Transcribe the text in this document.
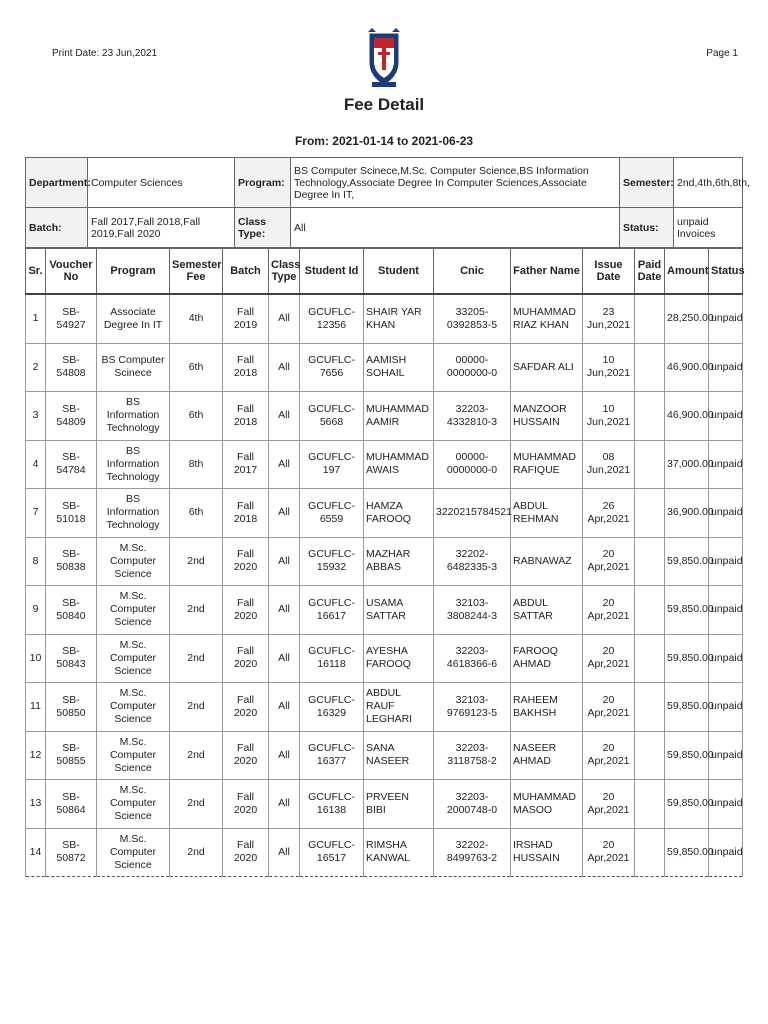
Print Date: 23 Jun,2021	Page 1
Fee Detail
From: 2021-01-14 to 2021-06-23
Department:	Computer Sciences	Program:	BS Computer Scinece,M.Sc. Computer Science,BS Information Technology,Associate Degree In Computer Sciences,Associate Degree In IT,	Semester:	2nd,4th,6th,8th,
Batch:	Fall 2017,Fall 2018,Fall 2019,Fall 2020	Class Type:	All	Status:	unpaid Invoices
Sr.	Voucher No	Program	Semester Fee	Batch	Class Type	Student Id	Student	Cnic	Father Name	Issue Date	Paid Date	Amount	Status
1	SB-54927	Associate Degree In IT	4th	Fall 2019	All	GCUFLC-12356	SHAIR YAR KHAN	33205-0392853-5	MUHAMMAD RIAZ KHAN	23 Jun,2021		28,250.00	unpaid
2	SB-54808	BS Computer Scinece	6th	Fall 2018	All	GCUFLC-7656	AAMISH SOHAIL	00000-0000000-0	SAFDAR ALI	10 Jun,2021		46,900.00	unpaid
3	SB-54809	BS Information Technology	6th	Fall 2018	All	GCUFLC-5668	MUHAMMAD AAMIR	32203-4332810-3	MANZOOR HUSSAIN	10 Jun,2021		46,900.00	unpaid
4	SB-54784	BS Information Technology	8th	Fall 2017	All	GCUFLC-197	MUHAMMAD AWAIS	00000-0000000-0	MUHAMMAD RAFIQUE	08 Jun,2021		37,000.00	unpaid
7	SB-51018	BS Information Technology	6th	Fall 2018	All	GCUFLC-6559	HAMZA FAROOQ	3220215784521	ABDUL REHMAN	26 Apr,2021		36,900.00	unpaid
8	SB-50838	M.Sc. Computer Science	2nd	Fall 2020	All	GCUFLC-15932	MAZHAR ABBAS	32202-6482335-3	RABNAWAZ	20 Apr,2021		59,850.00	unpaid
9	SB-50840	M.Sc. Computer Science	2nd	Fall 2020	All	GCUFLC-16617	USAMA SATTAR	32103-3808244-3	ABDUL SATTAR	20 Apr,2021		59,850.00	unpaid
10	SB-50843	M.Sc. Computer Science	2nd	Fall 2020	All	GCUFLC-16118	AYESHA FAROOQ	32203-4618366-6	FAROOQ AHMAD	20 Apr,2021		59,850.00	unpaid
11	SB-50850	M.Sc. Computer Science	2nd	Fall 2020	All	GCUFLC-16329	ABDUL RAUF LEGHARI	32103-9769123-5	RAHEEM BAKHSH	20 Apr,2021		59,850.00	unpaid
12	SB-50855	M.Sc. Computer Science	2nd	Fall 2020	All	GCUFLC-16377	SANA NASEER	32203-3118758-2	NASEER AHMAD	20 Apr,2021		59,850.00	unpaid
13	SB-50864	M.Sc. Computer Science	2nd	Fall 2020	All	GCUFLC-16138	PRVEEN BIBI	32203-2000748-0	MUHAMMAD MASOO	20 Apr,2021		59,850.00	unpaid
14	SB-50872	M.Sc. Computer Science	2nd	Fall 2020	All	GCUFLC-16517	RIMSHA KANWAL	32202-8499763-2	IRSHAD HUSSAIN	20 Apr,2021		59,850.00	unpaid
